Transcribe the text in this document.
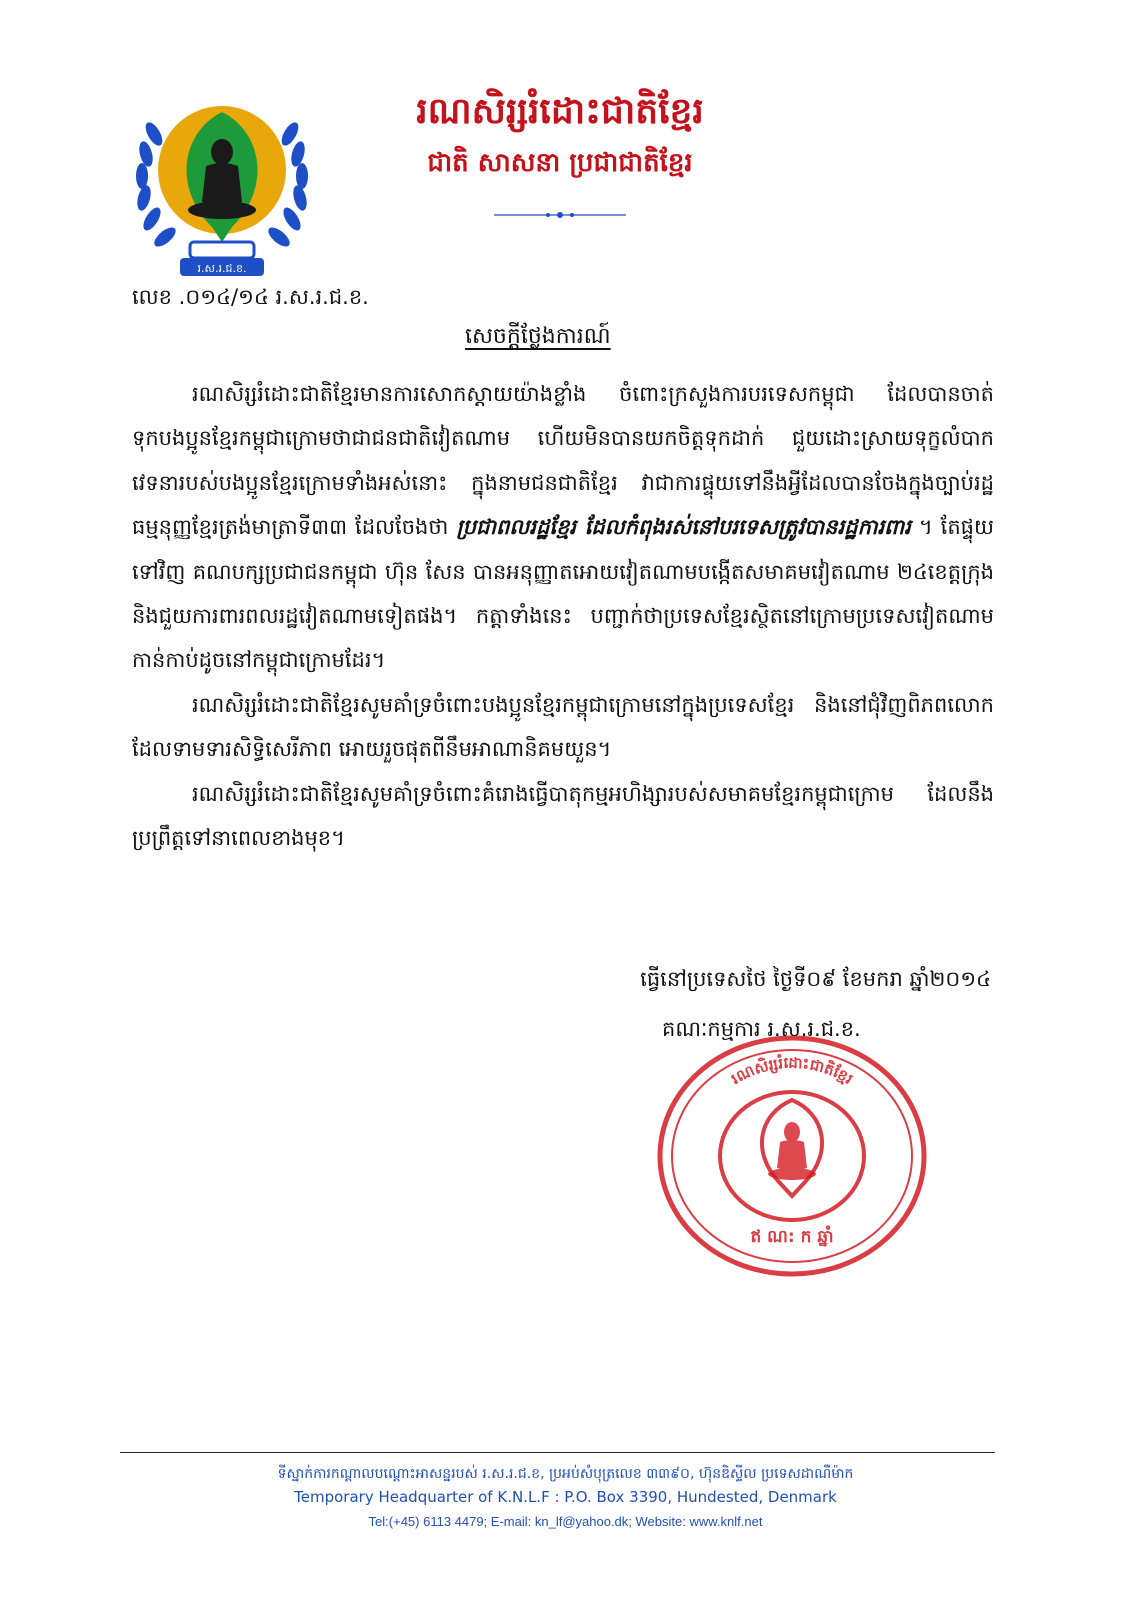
រ.ស.រ.ជ.ខ.
រណសិរ្សរំដោះជាតិខ្មែរ
ជាតិ សាសនា ប្រជាជាតិខ្មែរ
លេខ .០១៤/១៤ រ.ស.រ.ជ.ខ.
សេចក្តីថ្លែងការណ៍

រណសិរ្សរំដោះជាតិខ្មែរមានការសោកស្តាយយ៉ាងខ្លាំង ចំពោះក្រសួងការបរទេសកម្ពុជា ដែលបានចាត់ទុកបងប្អូនខ្មែរកម្ពុជាក្រោមថាជាជនជាតិវៀតណាម ហើយមិនបានយកចិត្តទុកដាក់ ជួយដោះស្រាយទុក្ខលំបាកវេទនារបស់បងប្អូនខ្មែរក្រោមទាំងអស់នោះ ក្នុងនាមជនជាតិខ្មែរ វាជាការផ្ទុយទៅនឹងអ្វីដែលបានចែងក្នុងច្បាប់រដ្ឋធម្មនុញ្ញខ្មែរត្រង់មាត្រាទី៣៣ ដែលចែងថា ប្រជាពលរដ្ឋខ្មែរ ដែលកំពុងរស់នៅបរទេសត្រូវបានរដ្ឋការពារ ។ តែផ្ទុយទៅវិញ គណបក្សប្រជាជនកម្ពុជា ហ៊ុន សែន បានអនុញ្ញាតអោយវៀតណាមបង្កើតសមាគមវៀតណាម ២៤ខេត្តក្រុង និងជួយការពារពលរដ្ឋវៀតណាមទៀតផង។ កត្តាទាំងនេះ បញ្ជាក់ថាប្រទេសខ្មែរស្ថិតនៅក្រោមប្រទេសវៀតណាមកាន់កាប់ដូចនៅកម្ពុជាក្រោមដែរ។

រណសិរ្សរំដោះជាតិខ្មែរសូមគាំទ្រចំពោះបងប្អូនខ្មែរកម្ពុជាក្រោមនៅក្នុងប្រទេសខ្មែរ និងនៅជុំវិញពិភពលោក ដែលទាមទារសិទ្ធិសេរីភាព អោយរួចផុតពីនឹមអាណានិគមយួន។

រណសិរ្សរំដោះជាតិខ្មែរសូមគាំទ្រចំពោះគំរោងធ្វើបាតុកម្មអហិង្សារបស់សមាគមខ្មែរកម្ពុជាក្រោម ដែលនឹងប្រព្រឹត្តទៅនាពេលខាងមុខ។

ធ្វើនៅប្រទេសថៃ ថ្ងៃទី០៩ ខែមករា ឆ្នាំ២០១៤
រណសិរ្សរំដោះជាតិខ្មែរ
ឥ ណ: ក ឆ្នាំ
គណៈកម្មការ រ.ស.រ.ជ.ខ.
ទីស្នាក់ការកណ្ដាលបណ្ដោះអាសន្នរបស់ រ.ស.រ.ជ.ខ, ប្រអប់សំបុត្រលេខ ៣៣៩០, ហ៊ុនឌិស្ទីល ប្រទេសដាណឺម៉ាក
Temporary Headquarter of K.N.L.F : P.O. Box 3390, Hundested, Denmark
Tel:(+45) 6113 4479; E-mail: kn_lf@yahoo.dk; Website: www.knlf.net
